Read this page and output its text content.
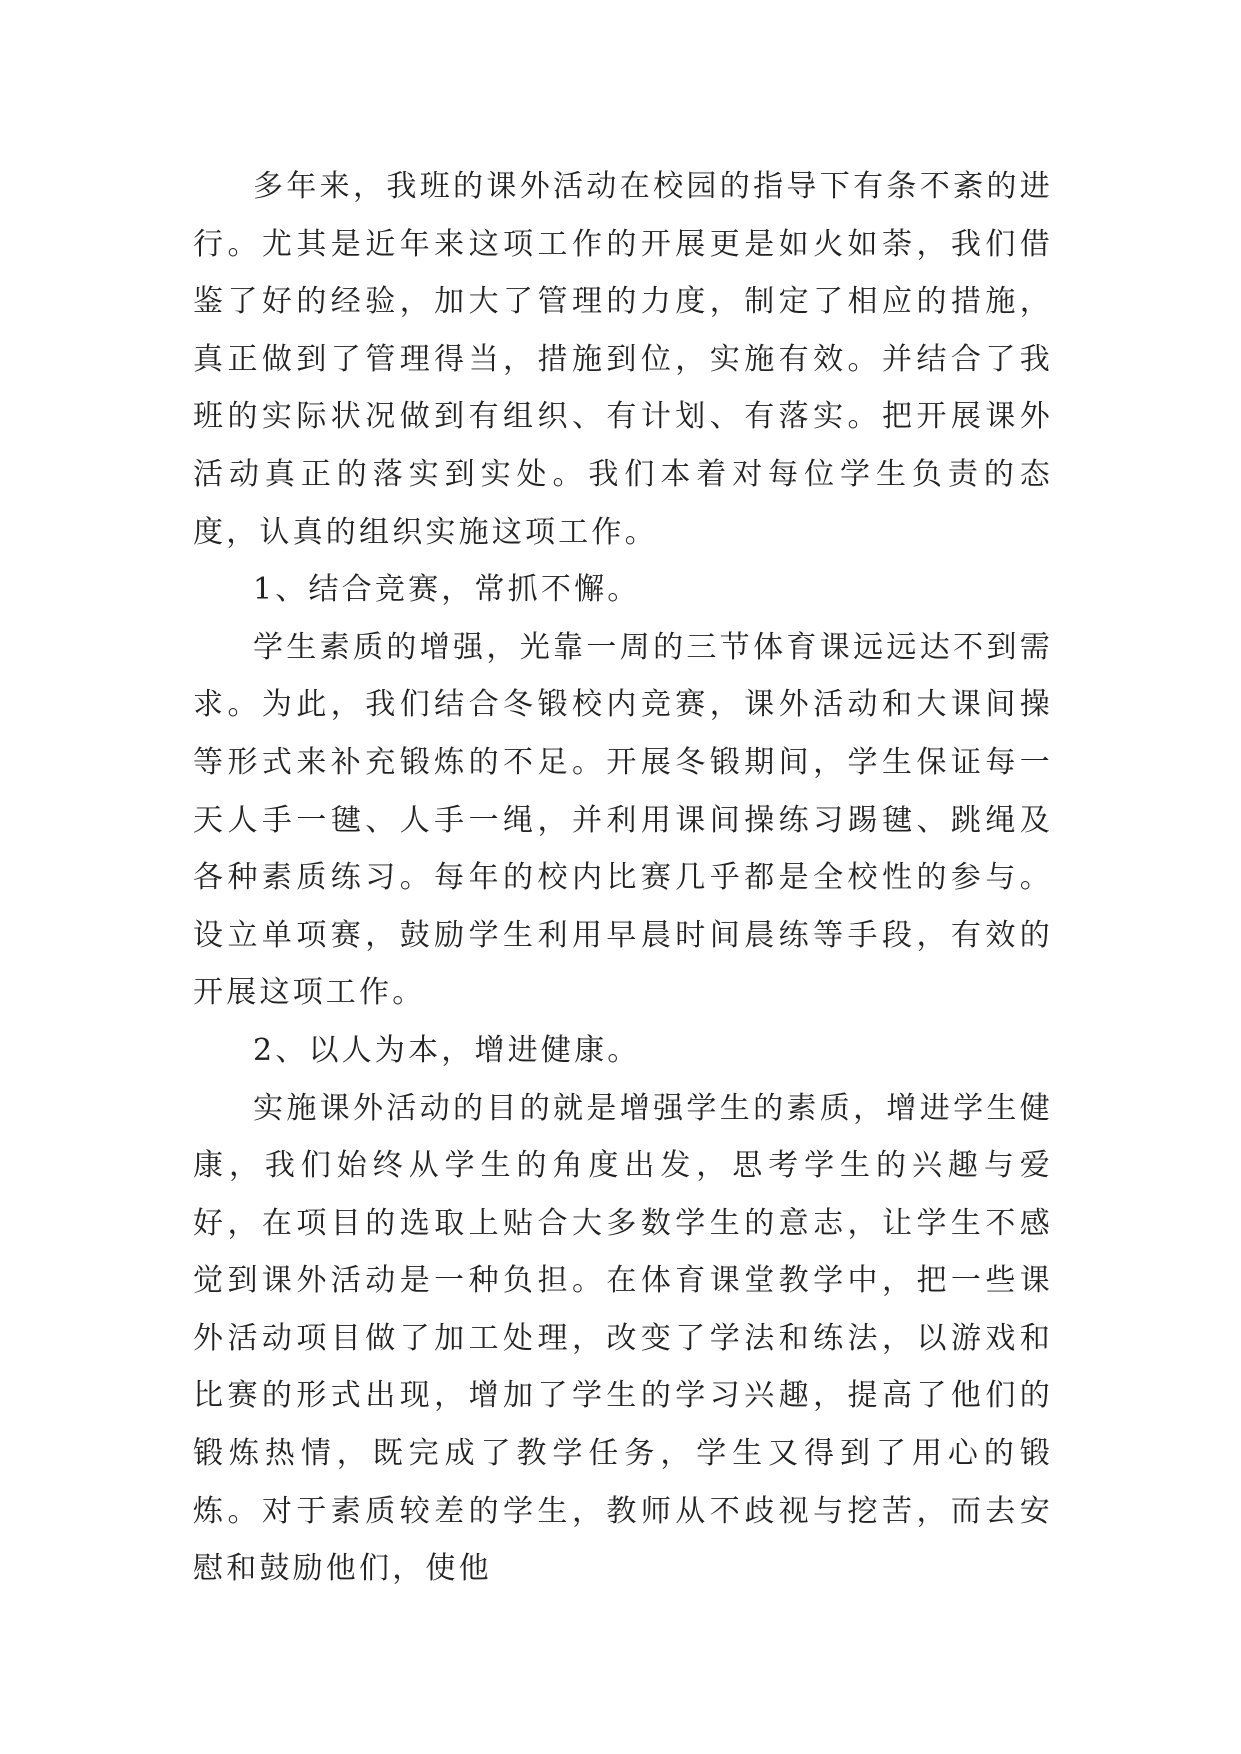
多年来，我班的课外活动在校园的指导下有条不紊的进行。尤其是近年来这项工作的开展更是如火如荼，我们借鉴了好的经验，加大了管理的力度，制定了相应的措施，真正做到了管理得当，措施到位，实施有效。并结合了我班的实际状况做到有组织、有计划、有落实。把开展课外活动真正的落实到实处。我们本着对每位学生负责的态度，认真的组织实施这项工作。

1、结合竞赛，常抓不懈。

学生素质的增强，光靠一周的三节体育课远远达不到需求。为此，我们结合冬锻校内竞赛，课外活动和大课间操等形式来补充锻炼的不足。开展冬锻期间，学生保证每一天人手一毽、人手一绳，并利用课间操练习踢毽、跳绳及各种素质练习。每年的校内比赛几乎都是全校性的参与。设立单项赛，鼓励学生利用早晨时间晨练等手段，有效的开展这项工作。

2、以人为本，增进健康。

实施课外活动的目的就是增强学生的素质，增进学生健康，我们始终从学生的角度出发，思考学生的兴趣与爱好，在项目的选取上贴合大多数学生的意志，让学生不感觉到课外活动是一种负担。在体育课堂教学中，把一些课外活动项目做了加工处理，改变了学法和练法，以游戏和比赛的形式出现，增加了学生的学习兴趣，提高了他们的锻炼热情，既完成了教学任务，学生又得到了用心的锻炼。对于素质较差的学生，教师从不歧视与挖苦，而去安慰和鼓励他们，使他
